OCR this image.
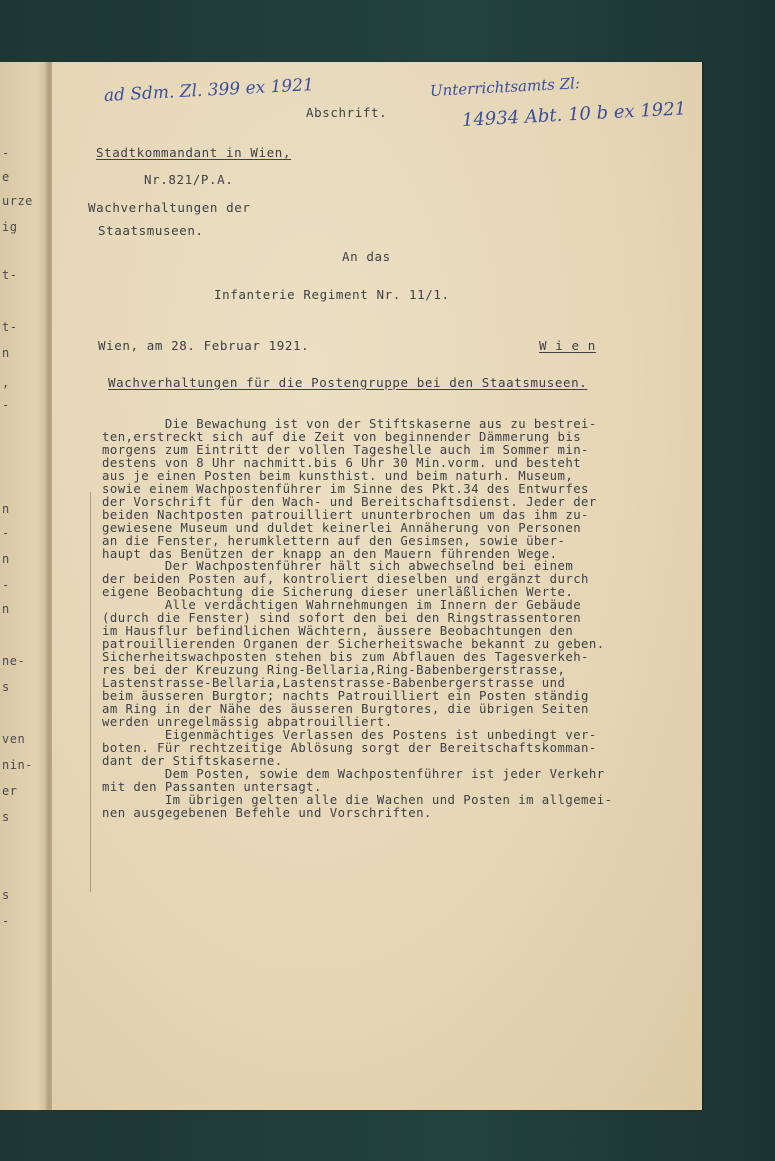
-
e
urze
ig
t-
t-
n
,
-
n
-
n
-
n
ne-
s
ven
nin-
er
s
s
-
ad Sdm. Zl. 399 ex 1921	Unterrichtsamts Zl:
14934 Abt. 10 b ex 1921
Abschrift.
Stadtkommandant in Wien,
Nr.821/P.A.
Wachverhaltungen der
Staatsmuseen.
An das
Infanterie Regiment Nr. 11/1.
Wien, am 28. Februar 1921.	W i e n
Wachverhaltungen für die Postengruppe bei den Staatsmuseen.
Die Bewachung ist von der Stiftskaserne aus zu bestrei-
ten,erstreckt sich auf die Zeit von beginnender Dämmerung bis
morgens zum Eintritt der vollen Tageshelle auch im Sommer min-
destens von 8 Uhr nachmitt.bis 6 Uhr 30 Min.vorm. und besteht
aus je einen Posten beim kunsthist. und beim naturh. Museum,
sowie einem Wachpostenführer im Sinne des Pkt.34 des Entwurfes
der Vorschrift für den Wach- und Bereitschaftsdienst. Jeder der
beiden Nachtposten patrouilliert ununterbrochen um das ihm zu-
gewiesene Museum und duldet keinerlei Annäherung von Personen
an die Fenster, herumklettern auf den Gesimsen, sowie über-
haupt das Benützen der knapp an den Mauern führenden Wege.
Der Wachpostenführer hält sich abwechselnd bei einem
der beiden Posten auf, kontroliert dieselben und ergänzt durch
eigene Beobachtung die Sicherung dieser unerläßlichen Werte.
Alle verdächtigen Wahrnehmungen im Innern der Gebäude
(durch die Fenster) sind sofort den bei den Ringstrassentoren
im Hausflur befindlichen Wächtern, äussere Beobachtungen den
patrouillierenden Organen der Sicherheitswache bekannt zu geben.
Sicherheitswachposten stehen bis zum Abflauen des Tagesverkeh-
res bei der Kreuzung Ring-Bellaria,Ring-Babenbergerstrasse,
Lastenstrasse-Bellaria,Lastenstrasse-Babenbergerstrasse und
beim äusseren Burgtor; nachts Patrouilliert ein Posten ständig
am Ring in der Nähe des äusseren Burgtores, die übrigen Seiten
werden unregelmässig abpatrouilliert.
Eigenmächtiges Verlassen des Postens ist unbedingt ver-
boten. Für rechtzeitige Ablösung sorgt der Bereitschaftskomman-
dant der Stiftskaserne.
Dem Posten, sowie dem Wachpostenführer ist jeder Verkehr
mit den Passanten untersagt.
Im übrigen gelten alle die Wachen und Posten im allgemei-
nen ausgegebenen Befehle und Vorschriften.
